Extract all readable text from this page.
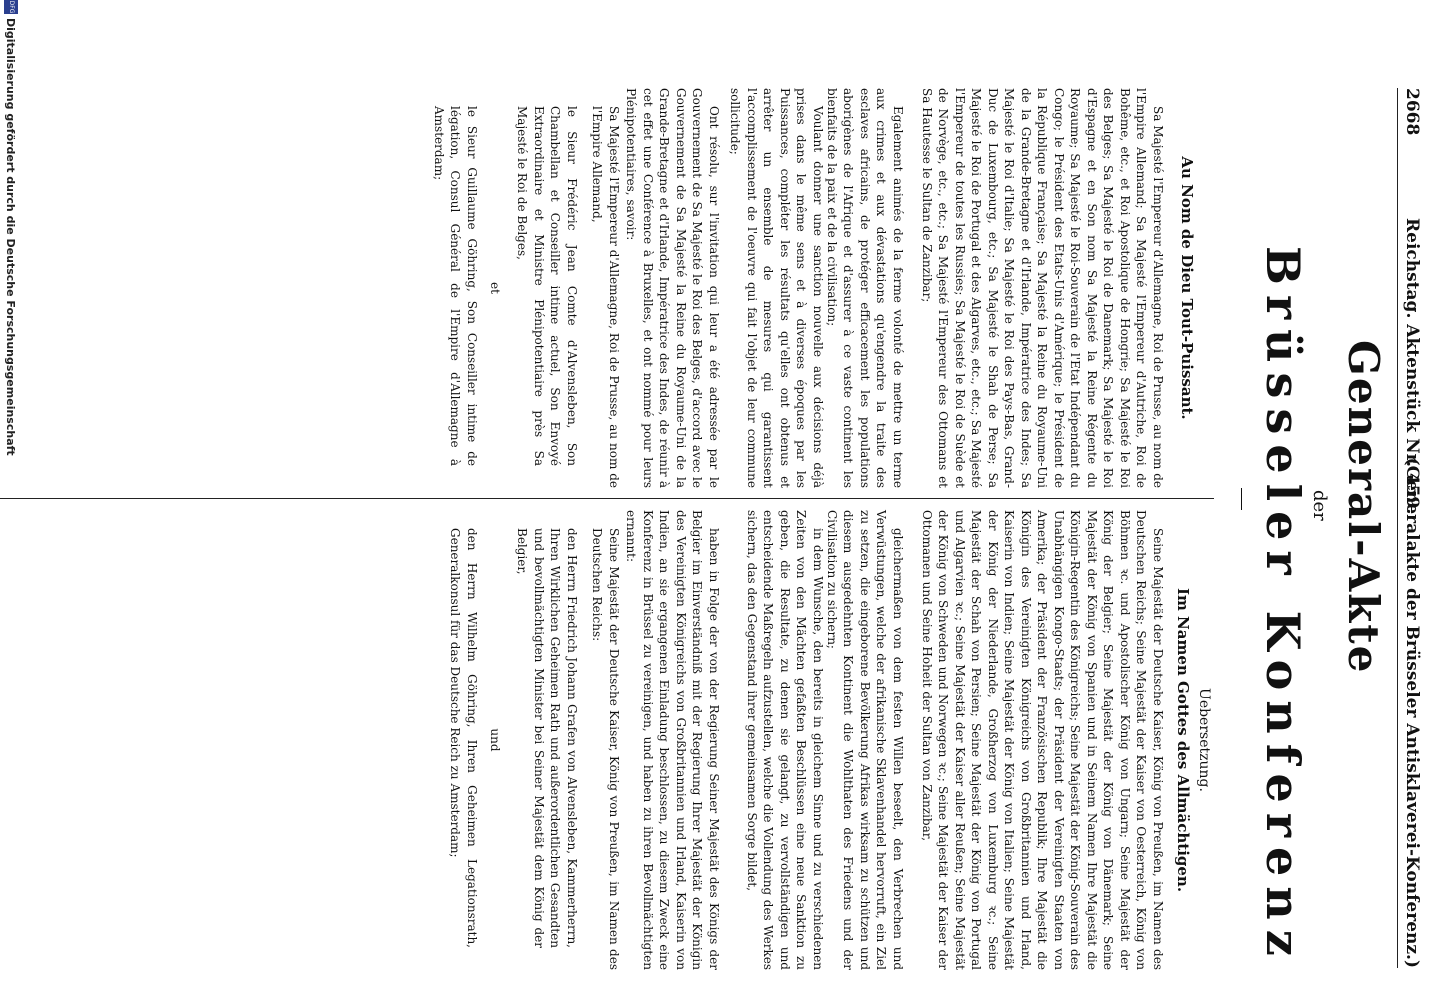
2668
Reichstag. Aktenstück Nr. 459.
(Generalakte der Brüsseler Antisklaverei-Konferenz.)
General-Akte
der
Brüsseler Konferenz
Au Nom de Dieu Tout-Puissant.

Sa Majesté l'Empereur d'Allemagne, Roi de Prusse, au nom de l'Empire Allemand; Sa Majesté l'Empereur d'Autriche, Roi de Bohême, etc., et Roi Apostolique de Hongrie; Sa Majesté le Roi des Belges; Sa Majesté le Roi de Danemark; Sa Majesté le Roi d'Espagne et en Son nom Sa Majesté la Reine Régente du Royaume; Sa Majesté le Roi-Souverain de l'Etat Indépendant du Congo; le Président des Etats-Unis d'Amérique; le Président de la République Française; Sa Majesté la Reine du Royaume-Uni de la Grande-Bretagne et d'Irlande, Impératrice des Indes; Sa Majesté le Roi d'Italie; Sa Majesté le Roi des Pays-Bas, Grand-Duc de Luxembourg, etc.; Sa Majesté le Shah de Perse; Sa Majesté le Roi de Portugal et des Algarves, etc., etc.; Sa Majesté l'Empereur de toutes les Russies; Sa Majesté le Roi de Suède et de Norvège, etc., etc.; Sa Majesté l'Empereur des Ottomans et Sa Hautesse le Sultan de Zanzibar;

Egalement animés de la ferme volonté de mettre un terme aux crimes et aux dévastations qu'engendre la traite des esclaves africains, de protéger efficacement les populations aborigènes de l'Afrique et d'assurer à ce vaste continent les bienfaits de la paix et de la civilisation;

Voulant donner une sanction nouvelle aux décisions déjà prises dans le même sens et à diverses époques par les Puissances, compléter les résultats qu'elles ont obtenus et arrêter un ensemble de mesures qui garantissent l'accomplissement de l'oeuvre qui fait l'objet de leur commune sollicitude;

Ont résolu, sur l'invitation qui leur a été adressée par le Gouvernement de Sa Majesté le Roi des Belges, d'accord avec le Gouvernement de Sa Majesté la Reine du Royaume-Uni de la Grande-Bretagne et d'Irlande, Impératrice des Indes, de réunir à cet effet une Conférence à Bruxelles, et ont nommé pour leurs Plénipotentiaires, savoir:

Sa Majesté l'Empereur d'Allemagne, Roi de Prusse, au nom de l'Empire Allemand,

le Sieur Frédéric Jean Comte d'Alvensleben, Son Chambellan et Conseiller intime actuel, Son Envoyé Extraordinaire et Ministre Plénipotentiaire près Sa Majesté le Roi de Belges,

et

le Sieur Guillaume Göhring, Son Conseiller intime de légation, Consul Général de l'Empire d'Allemagne à Amsterdam;

Uebersetzung.
Im Namen Gottes des Allmächtigen.

Seine Majestät der Deutsche Kaiser, König von Preußen, im Namen des Deutschen Reichs; Seine Majestät der Kaiser von Oesterreich, König von Böhmen ꝛc. und Apostolischer König von Ungarn; Seine Majestät der König der Belgier; Seine Majestät der König von Dänemark; Seine Majestät der König von Spanien und in Seinem Namen Ihre Majestät die Königin-Regentin des Königreichs; Seine Majestät der König-Souverain des Unabhängigen Kongo-Staats; der Präsident der Vereinigten Staaten von Amerika; der Präsident der Französischen Republik; Ihre Majestät die Königin des Vereinigten Königreichs von Großbritannien und Irland, Kaiserin von Indien; Seine Majestät der König von Italien; Seine Majestät der König der Niederlande, Großherzog von Luxemburg ꝛc.; Seine Majestät der Schah von Persien; Seine Majestät der König von Portugal und Algarvien ꝛc.; Seine Majestät der Kaiser aller Reußen; Seine Majestät der König von Schweden und Norwegen ꝛc.; Seine Majestät der Kaiser der Ottomanen und Seine Hoheit der Sultan von Zanzibar,

gleichermaßen von dem festen Willen beseelt, den Verbrechen und Verwüstungen, welche der afrikanische Sklavenhandel hervorruft, ein Ziel zu setzen, die eingeborene Bevölkerung Afrikas wirksam zu schützen und diesem ausgedehnten Kontinent die Wohlthaten des Friedens und der Civilisation zu sichern;

in dem Wunsche, den bereits in gleichem Sinne und zu verschiedenen Zeiten von den Mächten gefaßten Beschlüssen eine neue Sanktion zu geben, die Resultate, zu denen sie gelangt, zu vervollständigen und entscheidende Maßregeln aufzustellen, welche die Vollendung des Werkes sichern, das den Gegenstand ihrer gemeinsamen Sorge bildet,

haben in Folge der von der Regierung Seiner Majestät des Königs der Belgier im Einverständniß mit der Regierung Ihrer Majestät der Königin des Vereinigten Königreichs von Großbritannien und Irland, Kaiserin von Indien, an sie ergangenen Einladung beschlossen, zu diesem Zweck eine Konferenz in Brüssel zu vereinigen, und haben zu ihren Bevollmächtigten ernannt:

Seine Majestät der Deutsche Kaiser, König von Preußen, im Namen des Deutschen Reichs:

den Herrn Friedrich Johann Grafen von Alvensleben, Kammerherrn, Ihren Wirklichen Geheimen Rath und außerordentlichen Gesandten und bevollmächtigten Minister bei Seiner Majestät dem König der Belgier,

und

den Herrn Wilhelm Göhring, Ihren Geheimen Legationsrath, Generalkonsul für das Deutsche Reich zu Amsterdam;

DFG
Digitalisierung gefördert durch die Deutsche Forschungsgemeinschaft
